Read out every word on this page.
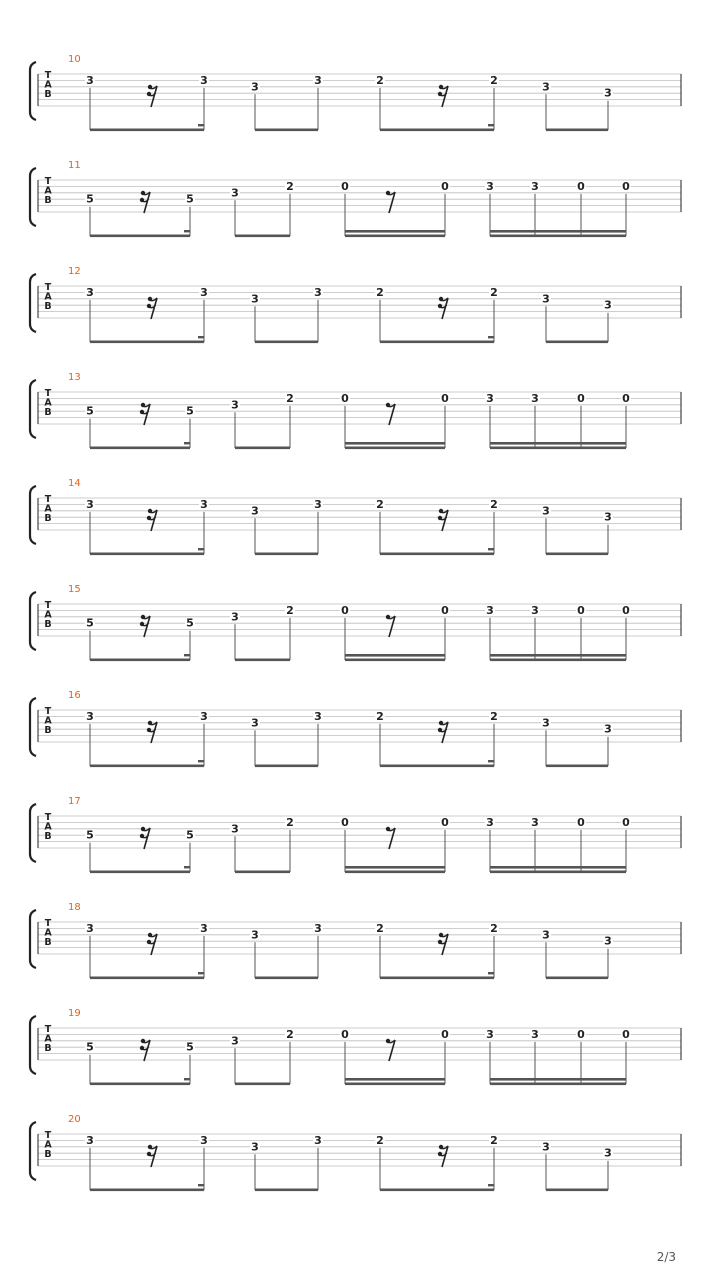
10
T
A
B
3	3	3	3	2	2	3	3
11
T
A
B	5	5	3	2	0	0	3	3	0	0
12
T
A
B
3	3	3	3	2	2	3	3
13
T
A
B	5	5	3	2	0	0	3	3	0	0
14
T
A
B
3	3	3	3	2	2	3	3
15
T
A
B	5	5	3	2	0	0	3	3	0	0
16
T
A
B
3	3	3	3	2	2	3	3
17
T
A
B	5	5	3	2	0	0	3	3	0	0
18
T
A
B
3	3	3	3	2	2	3	3
19
T
A
B	5	5	3	2	0	0	3	3	0	0
20
T
A
B
3	3	3	3	2	2	3	3
2/3
